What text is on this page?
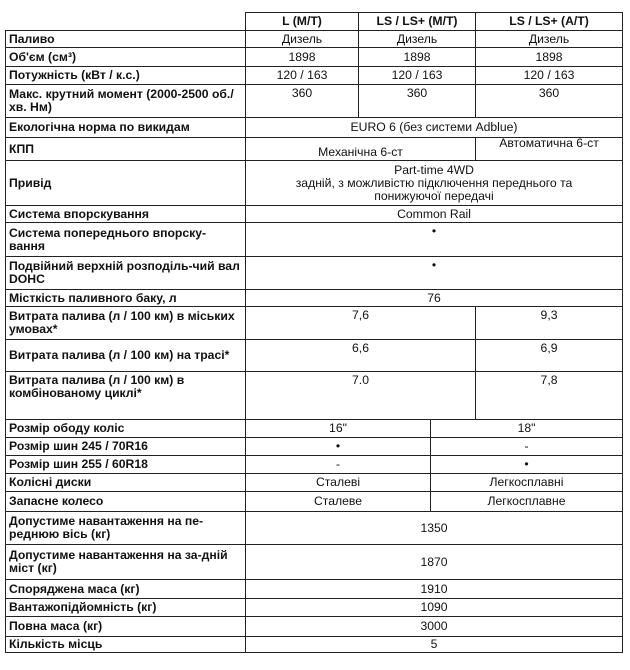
	L (M/T)	LS / LS+ (M/T)		LS / LS+ (A/T)
Паливо	Дизель	Дизель		Дизель
Об'єм (см³)	1898	1898		1898
Потужність (кВт / к.с.)	120 / 163	120 / 163		120 / 163
Макс. крутний момент (2000-2500 об./хв. Нм)	360	360		360
Екологічна норма по викидам	EURO 6 (без системи Adblue)			
КПП	Механічна 6-ст			Автоматична 6-ст
Привід	Part-time 4WD
задній, з можливістю підключення переднього та
понижуючої передачі			

Система впорскування	Common Rail			
Система попереднього впорску-вання	•			
Подвійний верхній розподіль-чий вал DOHC	•			
Місткість паливного баку, л	76			
Витрата палива (л / 100 км) в міських умовах*	7,6			9,3
Витрата палива (л / 100 км) на трасі*	6,6			6,9
Витрата палива (л / 100 км) в комбінованому циклі*	7.0			7,8
Розмір ободу коліс	16"		18"	
Розмір шин 245 / 70R16	•		-	
Розмір шин 255 / 60R18	-		•	
Колісні диски	Сталеві		Легкосплавні	
Запасне колесо	Сталеве		Легкосплавне	
Допустиме навантаження на пе-реднюю вісь (кг)	1350			
Допустиме навантаження на за-дній міст (кг)	1870			
Споряджена маса (кг)	1910			
Вантажопідйомність (кг)	1090			
Повна маса (кг)	3000			
Кількість місць	5			
